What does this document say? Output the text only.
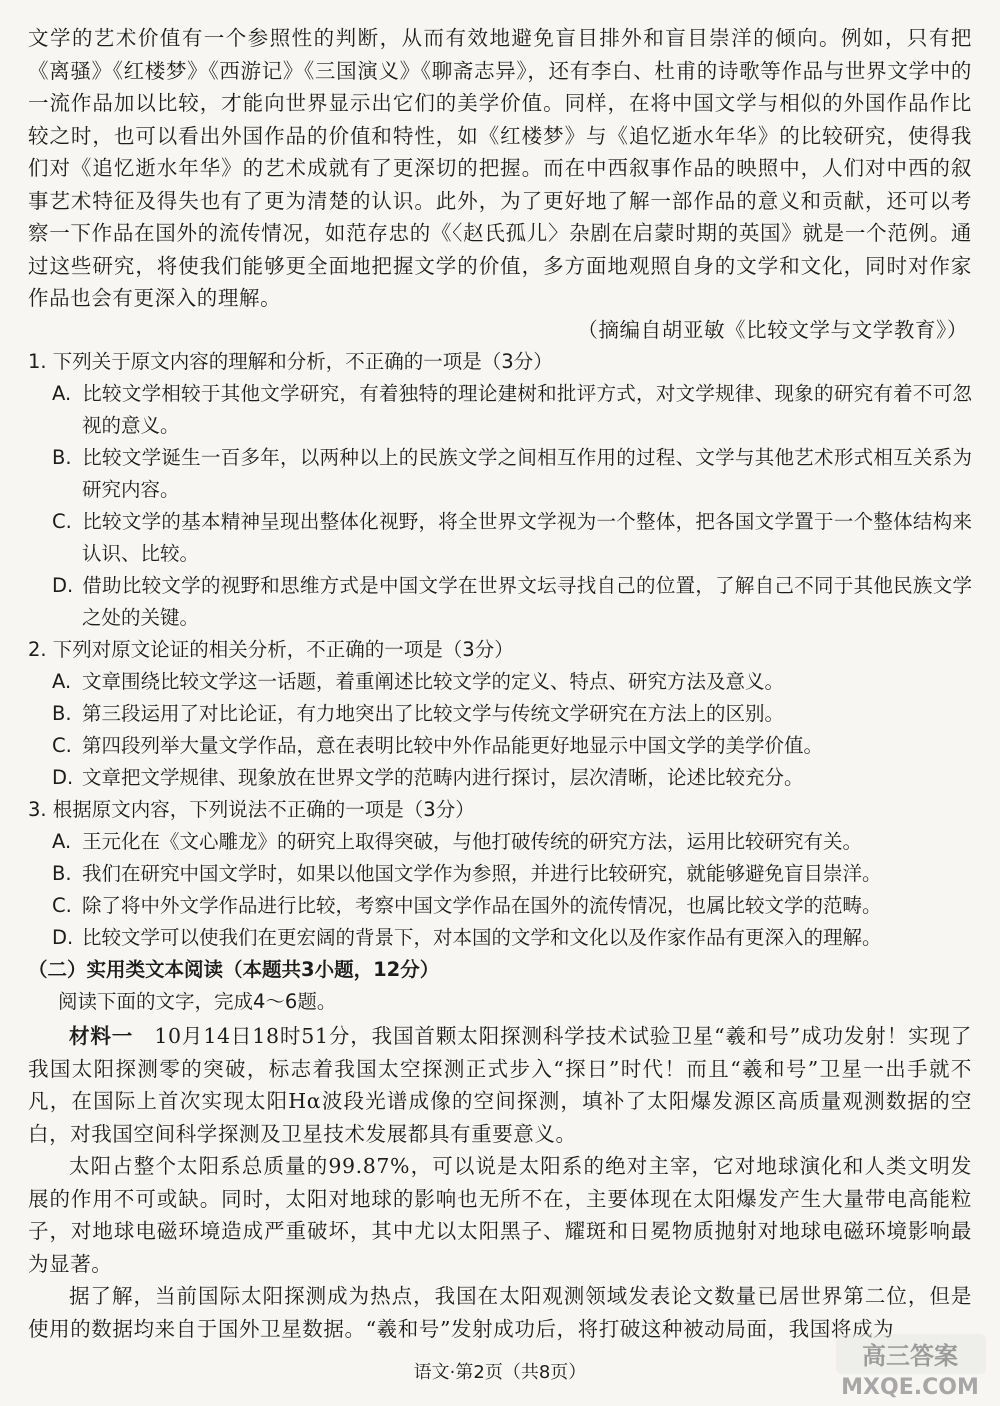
文学的艺术价值有一个参照性的判断，从而有效地避免盲目排外和盲目崇洋的倾向。例如，只有把《离骚》《红楼梦》《西游记》《三国演义》《聊斋志异》，还有李白、杜甫的诗歌等作品与世界文学中的一流作品加以比较，才能向世界显示出它们的美学价值。同样，在将中国文学与相似的外国作品作比较之时，也可以看出外国作品的价值和特性，如《红楼梦》与《追忆逝水年华》的比较研究，使得我们对《追忆逝水年华》的艺术成就有了更深切的把握。而在中西叙事作品的映照中，人们对中西的叙事艺术特征及得失也有了更为清楚的认识。此外，为了更好地了解一部作品的意义和贡献，还可以考察一下作品在国外的流传情况，如范存忠的《〈赵氏孤儿〉杂剧在启蒙时期的英国》就是一个范例。通过这些研究，将使我们能够更全面地把握文学的价值，多方面地观照自身的文学和文化，同时对作家作品也会有更深入的理解。

（摘编自胡亚敏《比较文学与文学教育》）

1. 下列关于原文内容的理解和分析，不正确的一项是（3分）

A. 比较文学相较于其他文学研究，有着独特的理论建树和批评方式，对文学规律、现象的研究有着不可忽视的意义。

B. 比较文学诞生一百多年，以两种以上的民族文学之间相互作用的过程、文学与其他艺术形式相互关系为研究内容。

C. 比较文学的基本精神呈现出整体化视野，将全世界文学视为一个整体，把各国文学置于一个整体结构来认识、比较。

D. 借助比较文学的视野和思维方式是中国文学在世界文坛寻找自己的位置，了解自己不同于其他民族文学之处的关键。

2. 下列对原文论证的相关分析，不正确的一项是（3分）

A. 文章围绕比较文学这一话题，着重阐述比较文学的定义、特点、研究方法及意义。

B. 第三段运用了对比论证，有力地突出了比较文学与传统文学研究在方法上的区别。

C. 第四段列举大量文学作品，意在表明比较中外作品能更好地显示中国文学的美学价值。

D. 文章把文学规律、现象放在世界文学的范畴内进行探讨，层次清晰，论述比较充分。

3. 根据原文内容，下列说法不正确的一项是（3分）

A. 王元化在《文心雕龙》的研究上取得突破，与他打破传统的研究方法，运用比较研究有关。

B. 我们在研究中国文学时，如果以他国文学作为参照，并进行比较研究，就能够避免盲目崇洋。

C. 除了将中外文学作品进行比较，考察中国文学作品在国外的流传情况，也属比较文学的范畴。

D. 比较文学可以使我们在更宏阔的背景下，对本国的文学和文化以及作家作品有更深入的理解。

（二）实用类文本阅读（本题共3小题，12分）

阅读下面的文字，完成4～6题。

材料一  10月14日18时51分，我国首颗太阳探测科学技术试验卫星“羲和号”成功发射！实现了我国太阳探测零的突破，标志着我国太空探测正式步入“探日”时代！而且“羲和号”卫星一出手就不凡，在国际上首次实现太阳Hα波段光谱成像的空间探测，填补了太阳爆发源区高质量观测数据的空白，对我国空间科学探测及卫星技术发展都具有重要意义。

太阳占整个太阳系总质量的99.87%，可以说是太阳系的绝对主宰，它对地球演化和人类文明发展的作用不可或缺。同时，太阳对地球的影响也无所不在，主要体现在太阳爆发产生大量带电高能粒子，对地球电磁环境造成严重破坏，其中尤以太阳黑子、耀斑和日冕物质抛射对地球电磁环境影响最为显著。

据了解，当前国际太阳探测成为热点，我国在太阳观测领域发表论文数量已居世界第二位，但是使用的数据均来自于国外卫星数据。“羲和号”发射成功后，将打破这种被动局面，我国将成为

语文·第2页（共8页）
高三答案
MXQE.COM
